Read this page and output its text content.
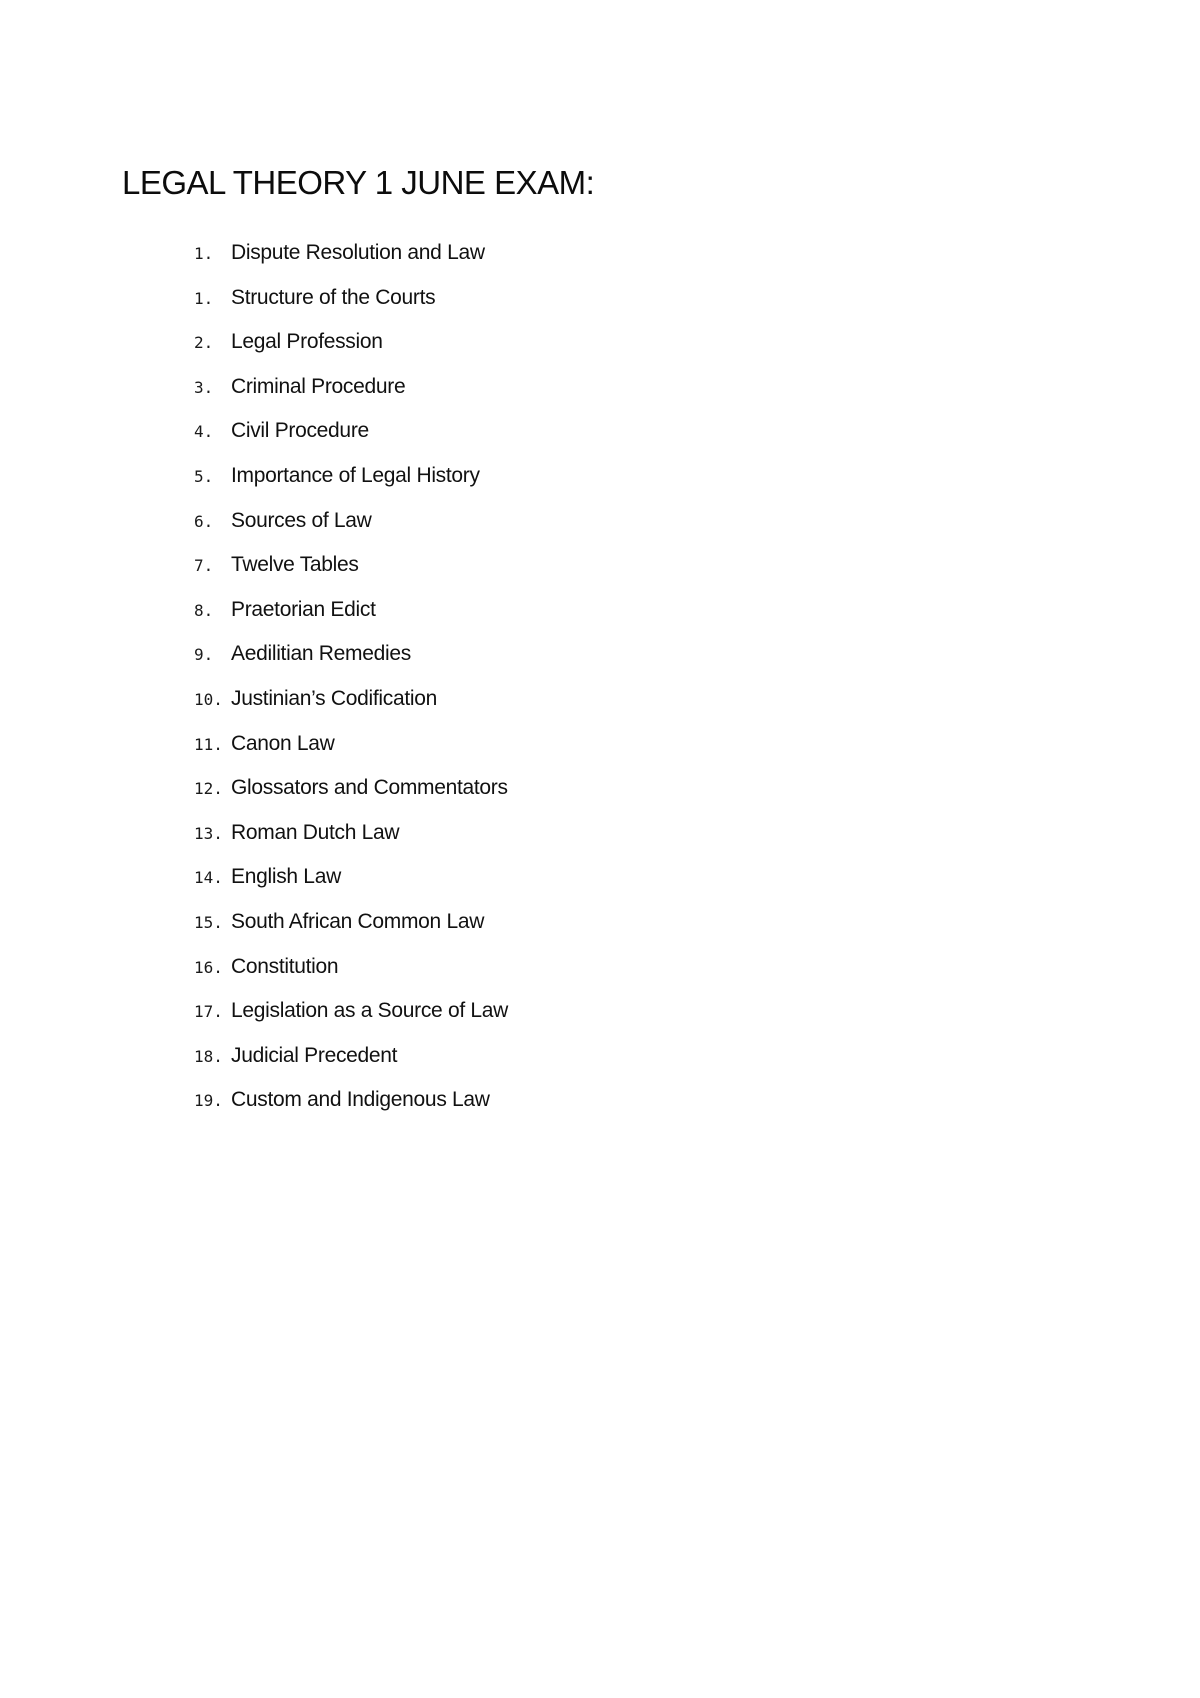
LEGAL THEORY 1 JUNE EXAM:
1. Dispute Resolution and Law
1. Structure of the Courts
2. Legal Profession
3. Criminal Procedure
4. Civil Procedure
5. Importance of Legal History
6. Sources of Law
7. Twelve Tables
8. Praetorian Edict
9. Aedilitian Remedies
10. Justinian’s Codification
11. Canon Law
12. Glossators and Commentators
13. Roman Dutch Law
14. English Law
15. South African Common Law
16. Constitution
17. Legislation as a Source of Law
18. Judicial Precedent
19. Custom and Indigenous Law
